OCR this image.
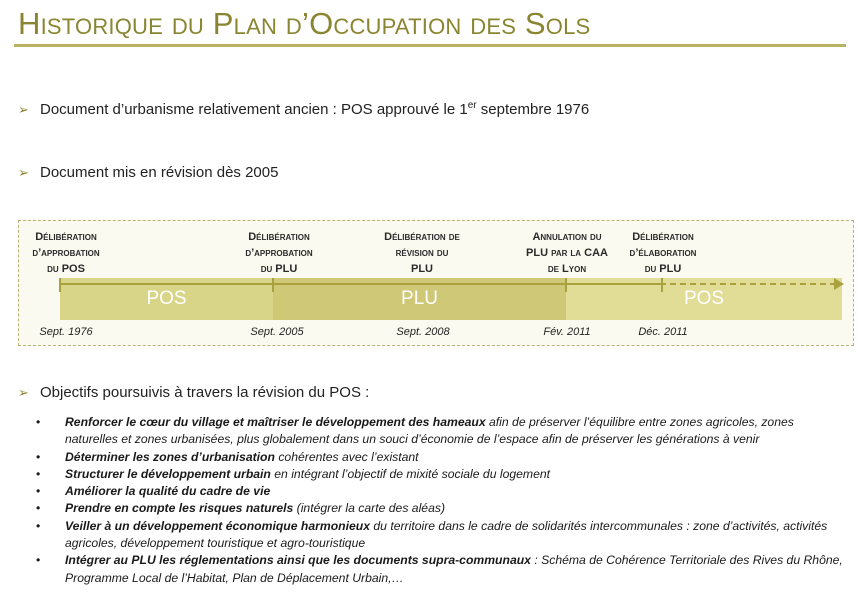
Historique du Plan d’Occupation des Sols
➢ Document d’urbanisme relativement ancien : POS approuvé le 1er septembre 1976
➢ Document mis en révision dès 2005
POS	PLU	POS
Délibération
d’approbation
du POS
Délibération
d’approbation
du PLU
Délibération de
révision du
PLU
Annulation du
PLU par la CAA
de Lyon
Délibération
d’élaboration
du PLU
Sept. 1976	Sept. 2005	Sept. 2008	Fév. 2011	Déc. 2011
➢ Objectifs poursuivis à travers la révision du POS :
• Renforcer le cœur du village et maîtriser le développement des hameaux afin de préserver l’équilibre entre zones agricoles, zones naturelles et zones urbanisées, plus globalement dans un souci d’économie de l’espace afin de préserver les générations à venir
• Déterminer les zones d’urbanisation cohérentes avec l’existant
• Structurer le développement urbain en intégrant l’objectif de mixité sociale du logement
• Améliorer la qualité du cadre de vie
• Prendre en compte les risques naturels (intégrer la carte des aléas)
• Veiller à un développement économique harmonieux du territoire dans le cadre de solidarités intercommunales : zone d’activités, activités agricoles, développement touristique et agro-touristique
• Intégrer au PLU les réglementations ainsi que les documents supra-communaux : Schéma de Cohérence Territoriale des Rives du Rhône, Programme Local de l’Habitat, Plan de Déplacement Urbain,…
